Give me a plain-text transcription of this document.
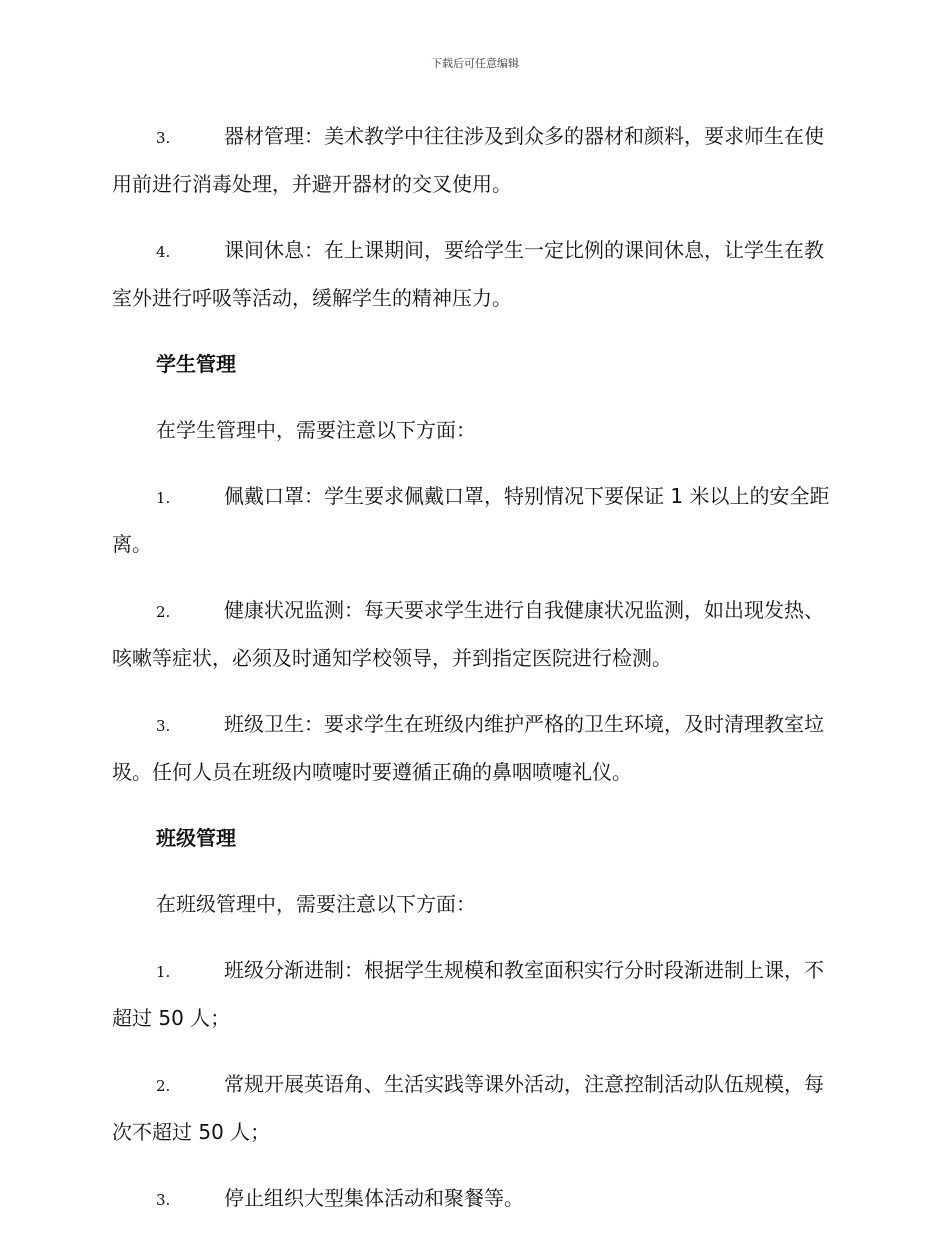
下载后可任意编辑

3.	器材管理：美术教学中往往涉及到众多的器材和颜料，要求师生在使用前进行消毒处理，并避开器材的交叉使用。

4.	课间休息：在上课期间，要给学生一定比例的课间休息，让学生在教室外进行呼吸等活动，缓解学生的精神压力。

学生管理

在学生管理中，需要注意以下方面：

1.	佩戴口罩：学生要求佩戴口罩，特别情况下要保证 1 米以上的安全距离。

2.	健康状况监测：每天要求学生进行自我健康状况监测，如出现发热、咳嗽等症状，必须及时通知学校领导，并到指定医院进行检测。

3.	班级卫生：要求学生在班级内维护严格的卫生环境，及时清理教室垃圾。任何人员在班级内喷嚏时要遵循正确的鼻咽喷嚏礼仪。

班级管理

在班级管理中，需要注意以下方面：

1.	班级分渐进制：根据学生规模和教室面积实行分时段渐进制上课，不超过 50 人；

2.	常规开展英语角、生活实践等课外活动，注意控制活动队伍规模，每次不超过 50 人；

3.	停止组织大型集体活动和聚餐等。
